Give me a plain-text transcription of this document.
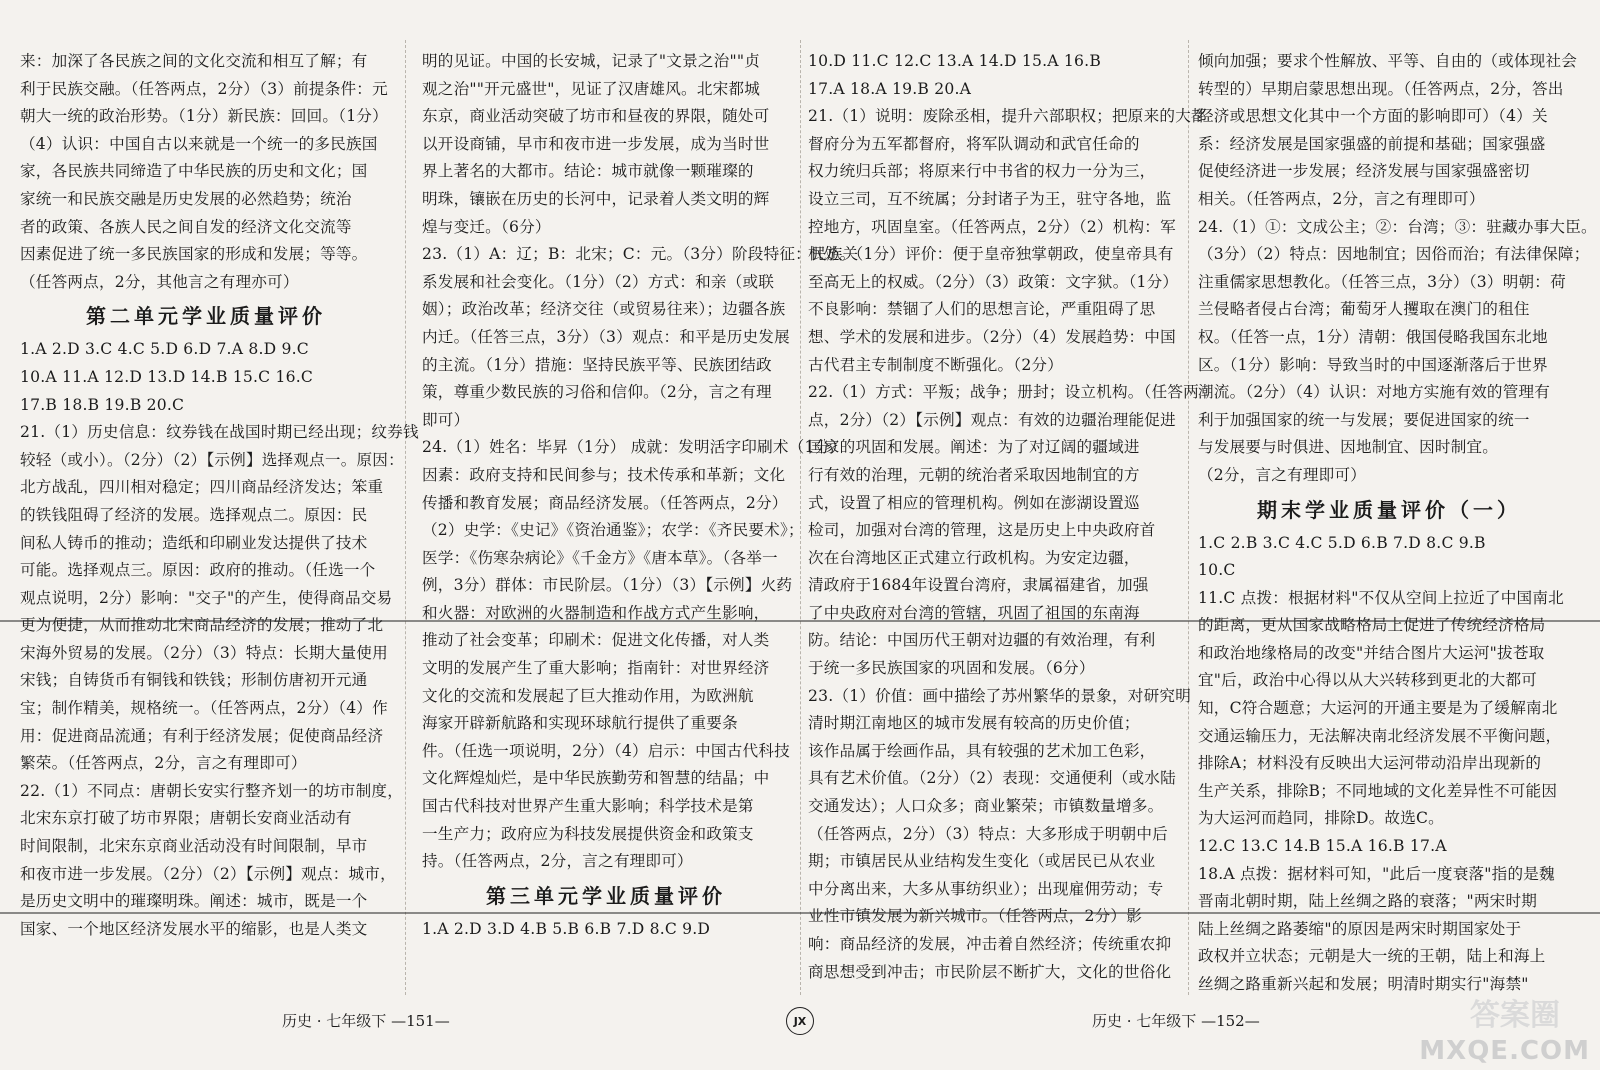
来：加深了各民族之间的文化交流和相互了解；有
利于民族交融。（任答两点，2分）（3）前提条件：元
朝大一统的政治形势。（1分）新民族：回回。（1分）
（4）认识：中国自古以来就是一个统一的多民族国
家，各民族共同缔造了中华民族的历史和文化；国
家统一和民族交融是历史发展的必然趋势；统治
者的政策、各族人民之间自发的经济文化交流等
因素促进了统一多民族国家的形成和发展；等等。
（任答两点，2分，其他言之有理亦可）
第二单元学业质量评价
1.A 2.D 3.C 4.C 5.D 6.D 7.A 8.D 9.C
10.A 11.A 12.D 13.D 14.B 15.C 16.C
17.B 18.B 19.B 20.C
21.（1）历史信息：纹券钱在战国时期已经出现；纹券钱
较轻（或小）。（2分）（2）【示例】选择观点一。原因：
北方战乱，四川相对稳定；四川商品经济发达；笨重
的铁钱阻碍了经济的发展。选择观点二。原因：民
间私人铸币的推动；造纸和印刷业发达提供了技术
可能。选择观点三。原因：政府的推动。（任选一个
观点说明，2分）影响："交子"的产生，使得商品交易
更为便捷，从而推动北宋商品经济的发展；推动了北
宋海外贸易的发展。（2分）（3）特点：长期大量使用
宋钱；自铸货币有铜钱和铁钱；形制仿唐初开元通
宝；制作精美，规格统一。（任答两点，2分）（4）作
用：促进商品流通；有利于经济发展；促使商品经济
繁荣。（任答两点，2分，言之有理即可）
22.（1）不同点：唐朝长安实行整齐划一的坊市制度，
北宋东京打破了坊市界限；唐朝长安商业活动有
时间限制，北宋东京商业活动没有时间限制，早市
和夜市进一步发展。（2分）（2）【示例】观点：城市，
是历史文明中的璀璨明珠。阐述：城市，既是一个
国家、一个地区经济发展水平的缩影，也是人类文
明的见证。中国的长安城，记录了"文景之治""贞
观之治""开元盛世"，见证了汉唐雄风。北宋都城
东京，商业活动突破了坊市和昼夜的界限，随处可
以开设商铺，早市和夜市进一步发展，成为当时世
界上著名的大都市。结论：城市就像一颗璀璨的
明珠，镶嵌在历史的长河中，记录着人类文明的辉
煌与变迁。（6分）
23.（1）A：辽；B：北宋；C：元。（3分）阶段特征：民族关
系发展和社会变化。（1分）（2）方式：和亲（或联
姻）；政治改革；经济交往（或贸易往来）；边疆各族
内迁。（任答三点，3分）（3）观点：和平是历史发展
的主流。（1分）措施：坚持民族平等、民族团结政
策，尊重少数民族的习俗和信仰。（2分，言之有理
即可）
24.（1）姓名：毕昇（1分） 成就：发明活字印刷术（1分）
因素：政府支持和民间参与；技术传承和革新；文化
传播和教育发展；商品经济发展。（任答两点，2分）
（2）史学：《史记》《资治通鉴》；农学：《齐民要术》；
医学：《伤寒杂病论》《千金方》《唐本草》。（各举一
例，3分）群体：市民阶层。（1分）（3）【示例】火药
和火器：对欧洲的火器制造和作战方式产生影响，
推动了社会变革；印刷术：促进文化传播，对人类
文明的发展产生了重大影响；指南针：对世界经济
文化的交流和发展起了巨大推动作用，为欧洲航
海家开辟新航路和实现环球航行提供了重要条
件。（任选一项说明，2分）（4）启示：中国古代科技
文化辉煌灿烂，是中华民族勤劳和智慧的结晶；中
国古代科技对世界产生重大影响；科学技术是第
一生产力；政府应为科技发展提供资金和政策支
持。（任答两点，2分，言之有理即可）
第三单元学业质量评价
1.A 2.D 3.D 4.B 5.B 6.B 7.D 8.C 9.D
10.D 11.C 12.C 13.A 14.D 15.A 16.B
17.A 18.A 19.B 20.A
21.（1）说明：废除丞相，提升六部职权；把原来的大都
督府分为五军都督府，将军队调动和武官任命的
权力统归兵部；将原来行中书省的权力一分为三，
设立三司，互不统属；分封诸子为王，驻守各地，监
控地方，巩固皇室。（任答两点，2分）（2）机构：军
机处。（1分）评价：便于皇帝独掌朝政，使皇帝具有
至高无上的权威。（2分）（3）政策：文字狱。（1分）
不良影响：禁锢了人们的思想言论，严重阻碍了思
想、学术的发展和进步。（2分）（4）发展趋势：中国
古代君主专制制度不断强化。（2分）
22.（1）方式：平叛；战争；册封；设立机构。（任答两
点，2分）（2）【示例】观点：有效的边疆治理能促进
国家的巩固和发展。阐述：为了对辽阔的疆域进
行有效的治理，元朝的统治者采取因地制宜的方
式，设置了相应的管理机构。例如在澎湖设置巡
检司，加强对台湾的管理，这是历史上中央政府首
次在台湾地区正式建立行政机构。为安定边疆，
清政府于1684年设置台湾府，隶属福建省，加强
了中央政府对台湾的管辖，巩固了祖国的东南海
防。结论：中国历代王朝对边疆的有效治理，有利
于统一多民族国家的巩固和发展。（6分）
23.（1）价值：画中描绘了苏州繁华的景象，对研究明
清时期江南地区的城市发展有较高的历史价值；
该作品属于绘画作品，具有较强的艺术加工色彩，
具有艺术价值。（2分）（2）表现：交通便利（或水陆
交通发达）；人口众多；商业繁荣；市镇数量增多。
（任答两点，2分）（3）特点：大多形成于明朝中后
期；市镇居民从业结构发生变化（或居民已从农业
中分离出来，大多从事纺织业）；出现雇佣劳动；专
业性市镇发展为新兴城市。（任答两点，2分）影
响：商品经济的发展，冲击着自然经济；传统重农抑
商思想受到冲击；市民阶层不断扩大，文化的世俗化
倾向加强；要求个性解放、平等、自由的（或体现社会
转型的）早期启蒙思想出现。（任答两点，2分，答出
经济或思想文化其中一个方面的影响即可）（4）关
系：经济发展是国家强盛的前提和基础；国家强盛
促使经济进一步发展；经济发展与国家强盛密切
相关。（任答两点，2分，言之有理即可）
24.（1）①：文成公主；②：台湾；③：驻藏办事大臣。
（3分）（2）特点：因地制宜；因俗而治；有法律保障；
注重儒家思想教化。（任答三点，3分）（3）明朝：荷
兰侵略者侵占台湾；葡萄牙人攫取在澳门的租住
权。（任答一点，1分）清朝：俄国侵略我国东北地
区。（1分）影响：导致当时的中国逐渐落后于世界
潮流。（2分）（4）认识：对地方实施有效的管理有
利于加强国家的统一与发展；要促进国家的统一
与发展要与时俱进、因地制宜、因时制宜。
（2分，言之有理即可）
期末学业质量评价（一）
1.C 2.B 3.C 4.C 5.D 6.B 7.D 8.C 9.B
10.C
11.C 点拨：根据材料"不仅从空间上拉近了中国南北
的距离，更从国家战略格局上促进了传统经济格局
和政治地缘格局的改变"并结合图片大运河"拔苍取
宜"后，政治中心得以从大兴转移到更北的大都可
知，C符合题意；大运河的开通主要是为了缓解南北
交通运输压力，无法解决南北经济发展不平衡问题，
排除A；材料没有反映出大运河带动沿岸出现新的
生产关系，排除B；不同地域的文化差异性不可能因
为大运河而趋同，排除D。故选C。
12.C 13.C 14.B 15.A 16.B 17.A
18.A 点拨：据材料可知，"此后一度衰落"指的是魏
晋南北朝时期，陆上丝绸之路的衰落；"两宋时期
陆上丝绸之路萎缩"的原因是两宋时期国家处于
政权并立状态；元朝是大一统的王朝，陆上和海上
丝绸之路重新兴起和发展；明清时期实行"海禁"
历史 · 七年级下 —151—	JX	历史 · 七年级下 —152—	答案圈
MXQE.COM
